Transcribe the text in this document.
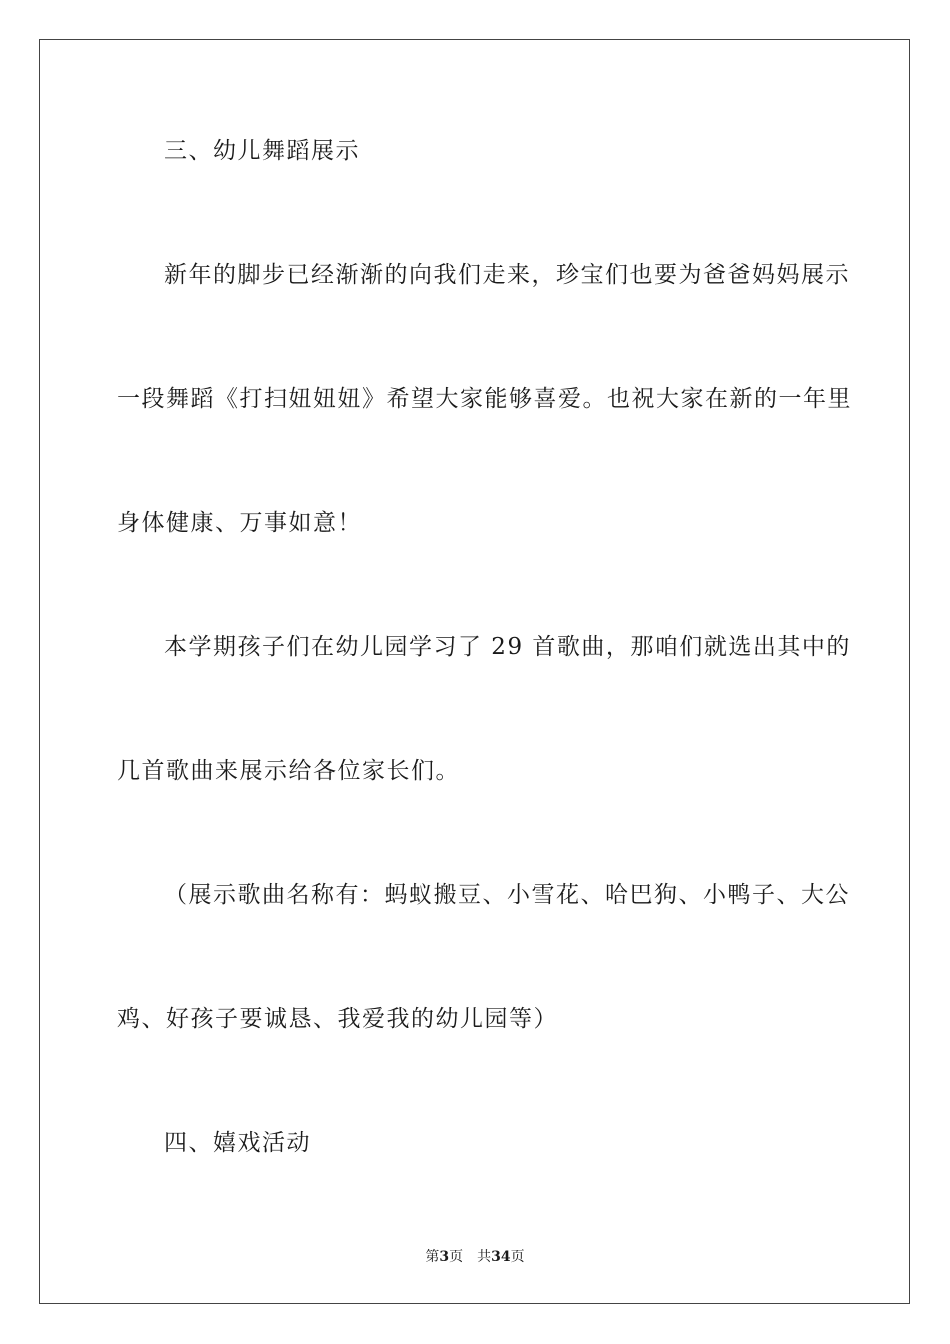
三、幼儿舞蹈展示
新年的脚步已经渐渐的向我们走来，珍宝们也要为爸爸妈妈展示
一段舞蹈《打扫妞妞妞》希望大家能够喜爱。也祝大家在新的一年里
身体健康、万事如意！
本学期孩子们在幼儿园学习了 29 首歌曲，那咱们就选出其中的
几首歌曲来展示给各位家长们。
（展示歌曲名称有：蚂蚁搬豆、小雪花、哈巴狗、小鸭子、大公
鸡、好孩子要诚恳、我爱我的幼儿园等）
四、嬉戏活动
第3页 共34页
